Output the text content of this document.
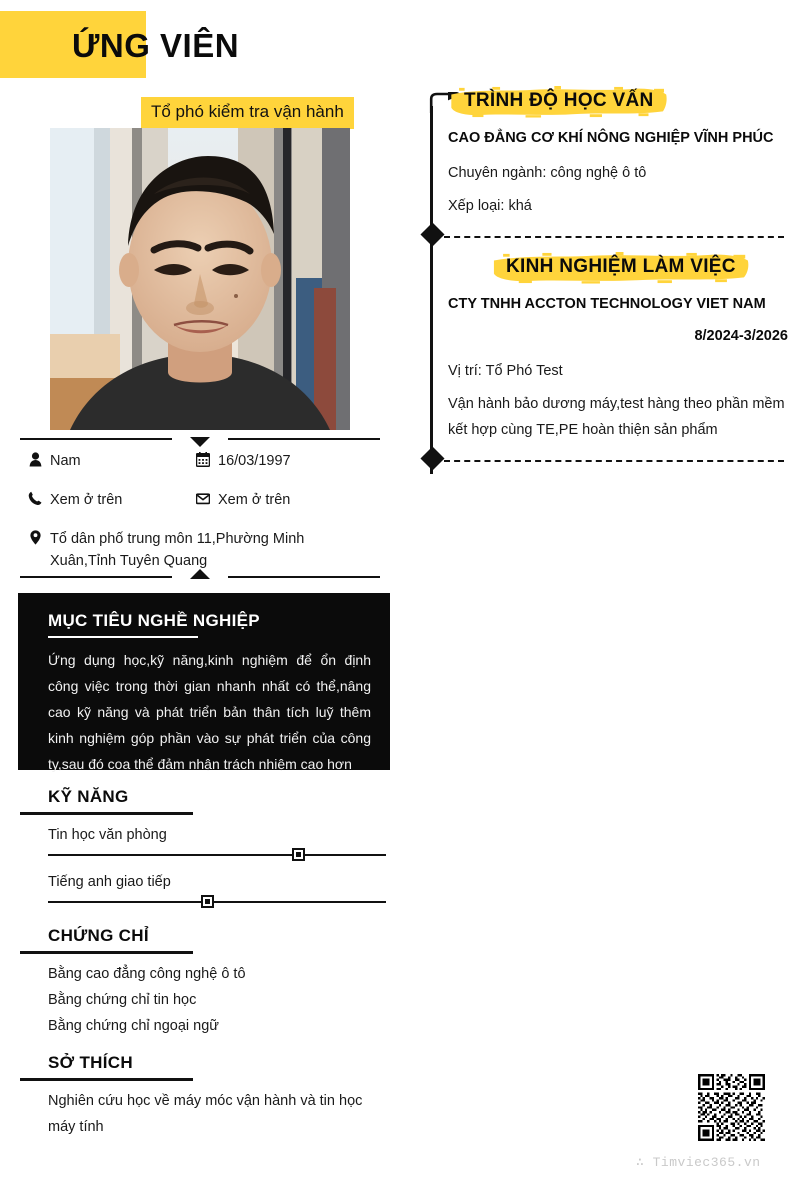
ỨNG VIÊN
Tổ phó kiểm tra vận hành
Nam	16/03/1997
Xem ở trên	Xem ở trên
Tổ dân phố trung môn 11,Phường Minh Xuân,Tỉnh Tuyên Quang
MỤC TIÊU NGHỀ NGHIỆP

Ứng dụng học,kỹ năng,kinh nghiệm để ổn định công việc trong thời gian nhanh nhất có thể,nâng cao kỹ năng và phát triển bản thân tích luỹ thêm kinh nghiệm góp phần vào sự phát triển của công ty,sau đó coa thể đảm nhận trách nhiệm cao hơn

KỸ NĂNG
Tin học văn phòng
Tiếng anh giao tiếp
CHỨNG CHỈ
Bằng cao đẳng công nghệ ô tô
Bằng chứng chỉ tin học
Bằng chứng chỉ ngoại ngữ
SỞ THÍCH
Nghiên cứu học về máy móc vận hành và tin học máy tính
TRÌNH ĐỘ HỌC VẤN
CAO ĐẲNG CƠ KHÍ NÔNG NGHIỆP VĨNH PHÚC
Chuyên ngành: công nghệ ô tô
Xếp loại: khá
KINH NGHIỆM LÀM VIỆC
CTY TNHH ACCTON TECHNOLOGY VIET NAM
8/2024-3/2026
Vị trí: Tổ Phó Test
Vận hành bảo dương máy,test hàng theo phần mềm kết hợp cùng TE,PE hoàn thiện sản phẩm
∴ Timviec365.vn
